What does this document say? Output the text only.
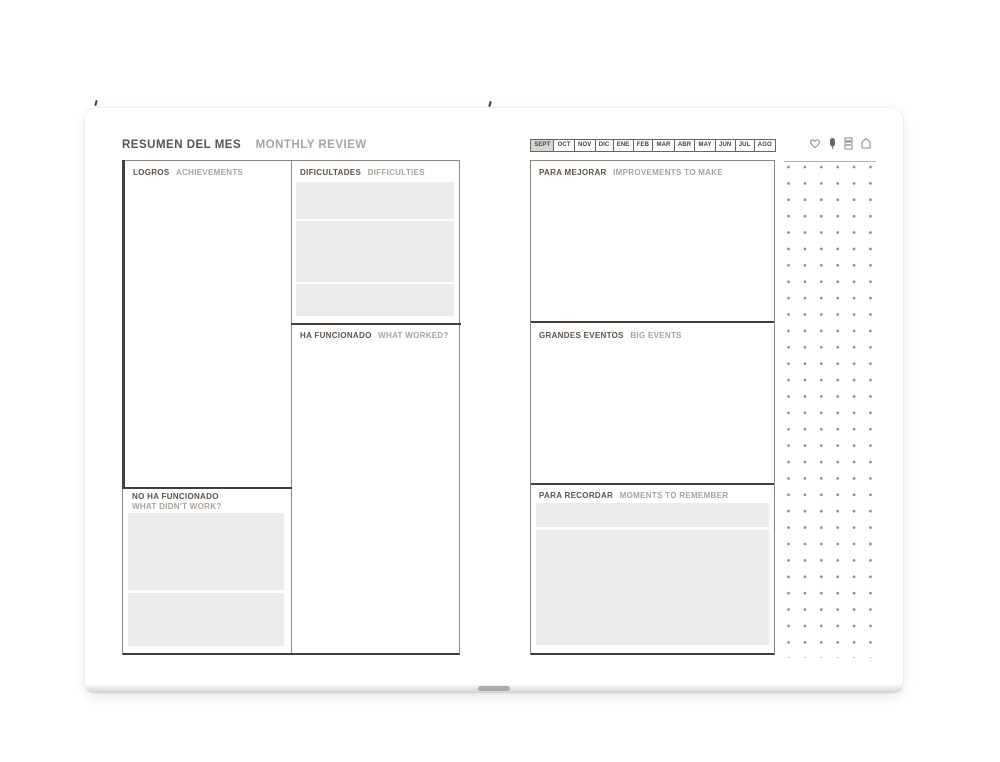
RESUMEN DEL MES MONTHLY REVIEW
LOGROS ACHIEVEMENTS	DIFICULTADES DIFFICULTIES
HA FUNCIONADO WHAT WORKED?
NO HA FUNCIONADO
WHAT DIDN'T WORK?
SEPT	OCT	NOV	DIC	ENE	FEB	MAR	ABR	MAY	JUN	JUL	AGO
PARA MEJORAR IMPROVEMENTS TO MAKE
GRANDES EVENTOS BIG EVENTS
PARA RECORDAR MOMENTS TO REMEMBER
